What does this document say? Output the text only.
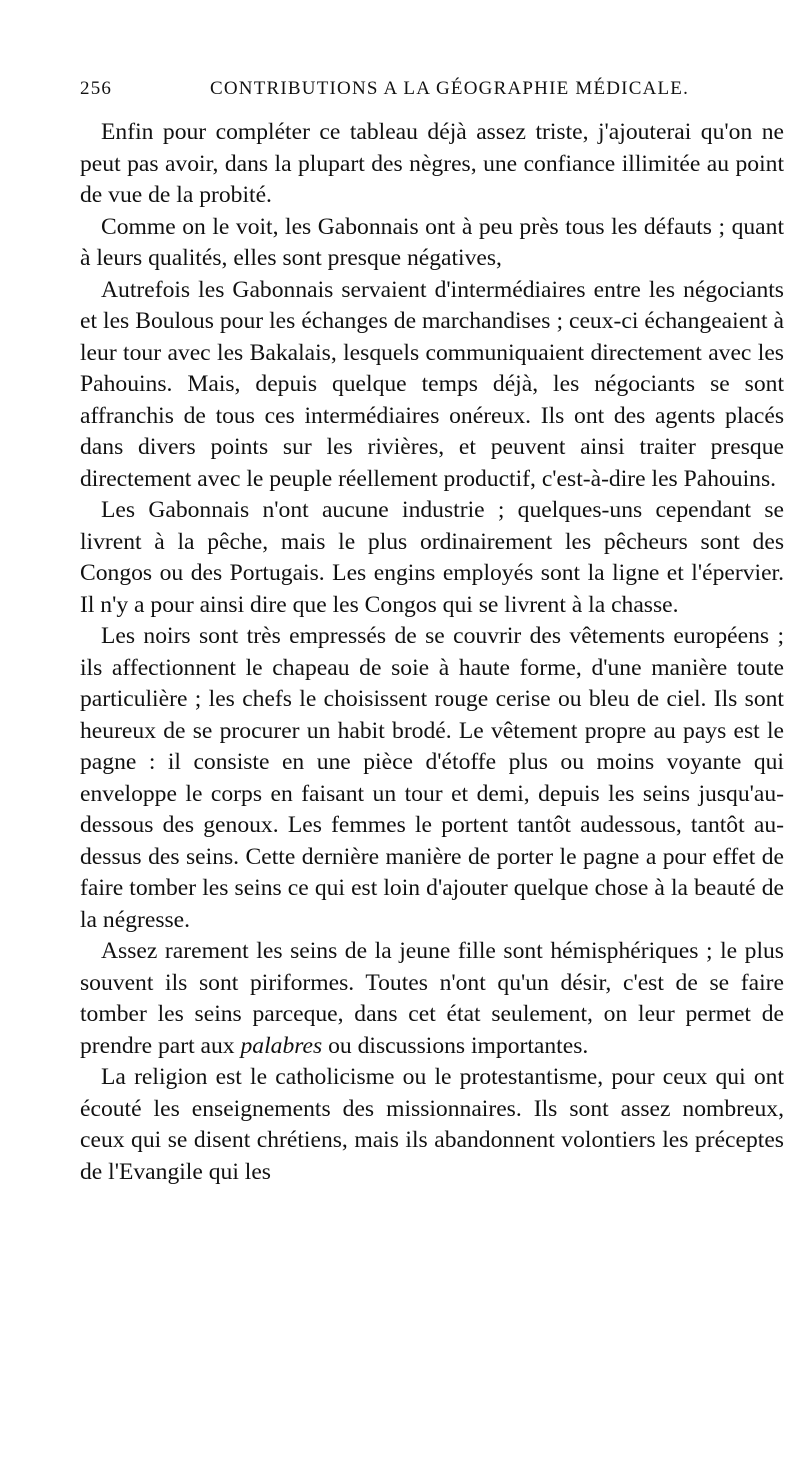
256	CONTRIBUTIONS A LA GÉOGRAPHIE MÉDICALE.

Enfin pour compléter ce tableau déjà assez triste, j'ajouterai qu'on ne peut pas avoir, dans la plupart des nègres, une confiance illimitée au point de vue de la probité.

Comme on le voit, les Gabonnais ont à peu près tous les défauts ; quant à leurs qualités, elles sont presque négatives,

Autrefois les Gabonnais servaient d'intermédiaires entre les négociants et les Boulous pour les échanges de marchandises ; ceux-ci échangeaient à leur tour avec les Bakalais, lesquels communiquaient directement avec les Pahouins. Mais, depuis quelque temps déjà, les négociants se sont affranchis de tous ces intermédiaires onéreux. Ils ont des agents placés dans divers points sur les rivières, et peuvent ainsi traiter presque directement avec le peuple réellement productif, c'est-à-dire les Pahouins.

Les Gabonnais n'ont aucune industrie ; quelques-uns cependant se livrent à la pêche, mais le plus ordinairement les pêcheurs sont des Congos ou des Portugais. Les engins employés sont la ligne et l'épervier. Il n'y a pour ainsi dire que les Congos qui se livrent à la chasse.

Les noirs sont très empressés de se couvrir des vêtements européens ; ils affectionnent le chapeau de soie à haute forme, d'une manière toute particulière ; les chefs le choisissent rouge cerise ou bleu de ciel. Ils sont heureux de se procurer un habit brodé. Le vêtement propre au pays est le pagne : il consiste en une pièce d'étoffe plus ou moins voyante qui enveloppe le corps en faisant un tour et demi, depuis les seins jusqu'au-dessous des genoux. Les femmes le portent tantôt audessous, tantôt au-dessus des seins. Cette dernière manière de porter le pagne a pour effet de faire tomber les seins ce qui est loin d'ajouter quelque chose à la beauté de la négresse.

Assez rarement les seins de la jeune fille sont hémisphériques ; le plus souvent ils sont piriformes. Toutes n'ont qu'un désir, c'est de se faire tomber les seins parceque, dans cet état seulement, on leur permet de prendre part aux palabres ou discussions importantes.

La religion est le catholicisme ou le protestantisme, pour ceux qui ont écouté les enseignements des missionnaires. Ils sont assez nombreux, ceux qui se disent chrétiens, mais ils abandonnent volontiers les préceptes de l'Evangile qui les
